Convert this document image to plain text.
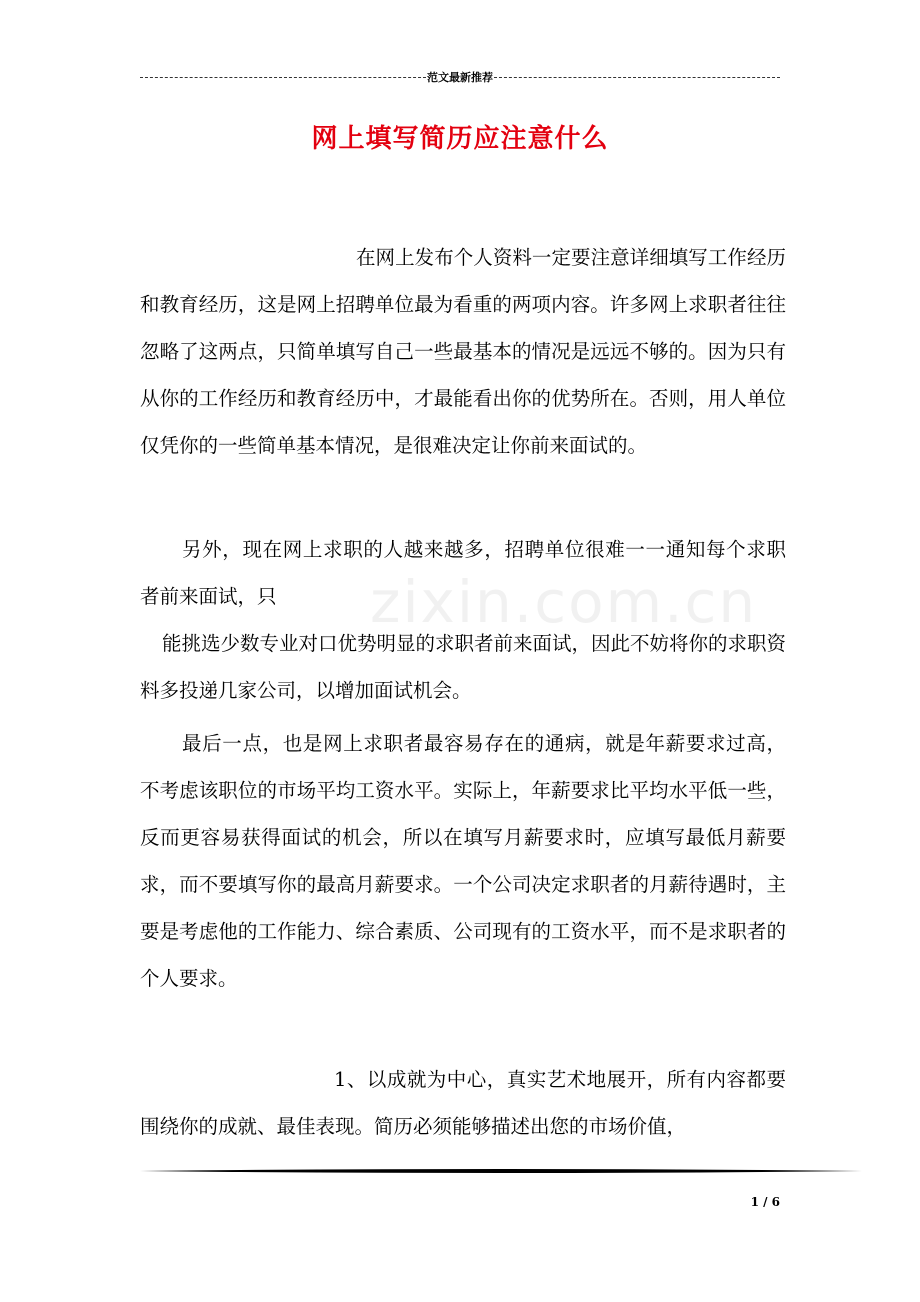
范文最新推荐
zixin.com.cn
网上填写简历应注意什么
在网上发布个人资料一定要注意详细填写工作经历和教育经历，这是网上招聘单位最为看重的两项内容。许多网上求职者往往忽略了这两点，只简单填写自己一些最基本的情况是远远不够的。因为只有从你的工作经历和教育经历中，才最能看出你的优势所在。否则，用人单位仅凭你的一些简单基本情况，是很难决定让你前来面试的。
另外，现在网上求职的人越来越多，招聘单位很难一一通知每个求职者前来面试，只
能挑选少数专业对口优势明显的求职者前来面试，因此不妨将你的求职资料多投递几家公司，以增加面试机会。
最后一点，也是网上求职者最容易存在的通病，就是年薪要求过高，不考虑该职位的市场平均工资水平。实际上，年薪要求比平均水平低一些，反而更容易获得面试的机会，所以在填写月薪要求时，应填写最低月薪要求，而不要填写你的最高月薪要求。一个公司决定求职者的月薪待遇时，主要是考虑他的工作能力、综合素质、公司现有的工资水平，而不是求职者的个人要求。
1、以成就为中心，真实艺术地展开，所有内容都要围绕你的成就、最佳表现。简历必须能够描述出您的市场价值，
1 / 6
